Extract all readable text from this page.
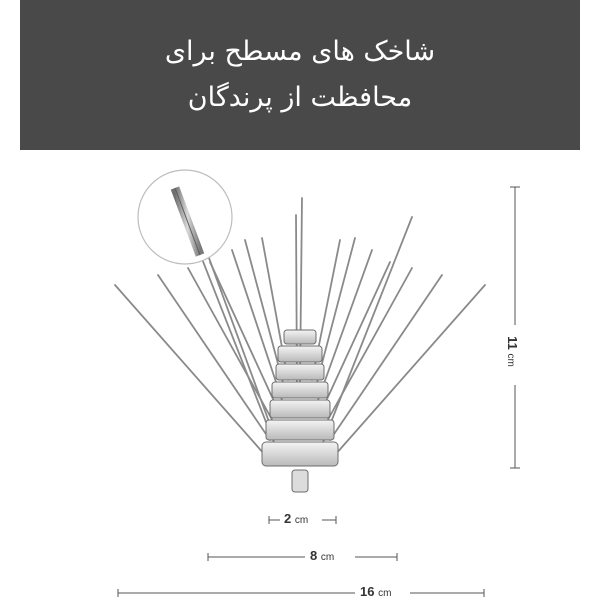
شاخک های مسطح برای
محافظت از پرندگان
11 cm
2 cm
8 cm
16 cm
